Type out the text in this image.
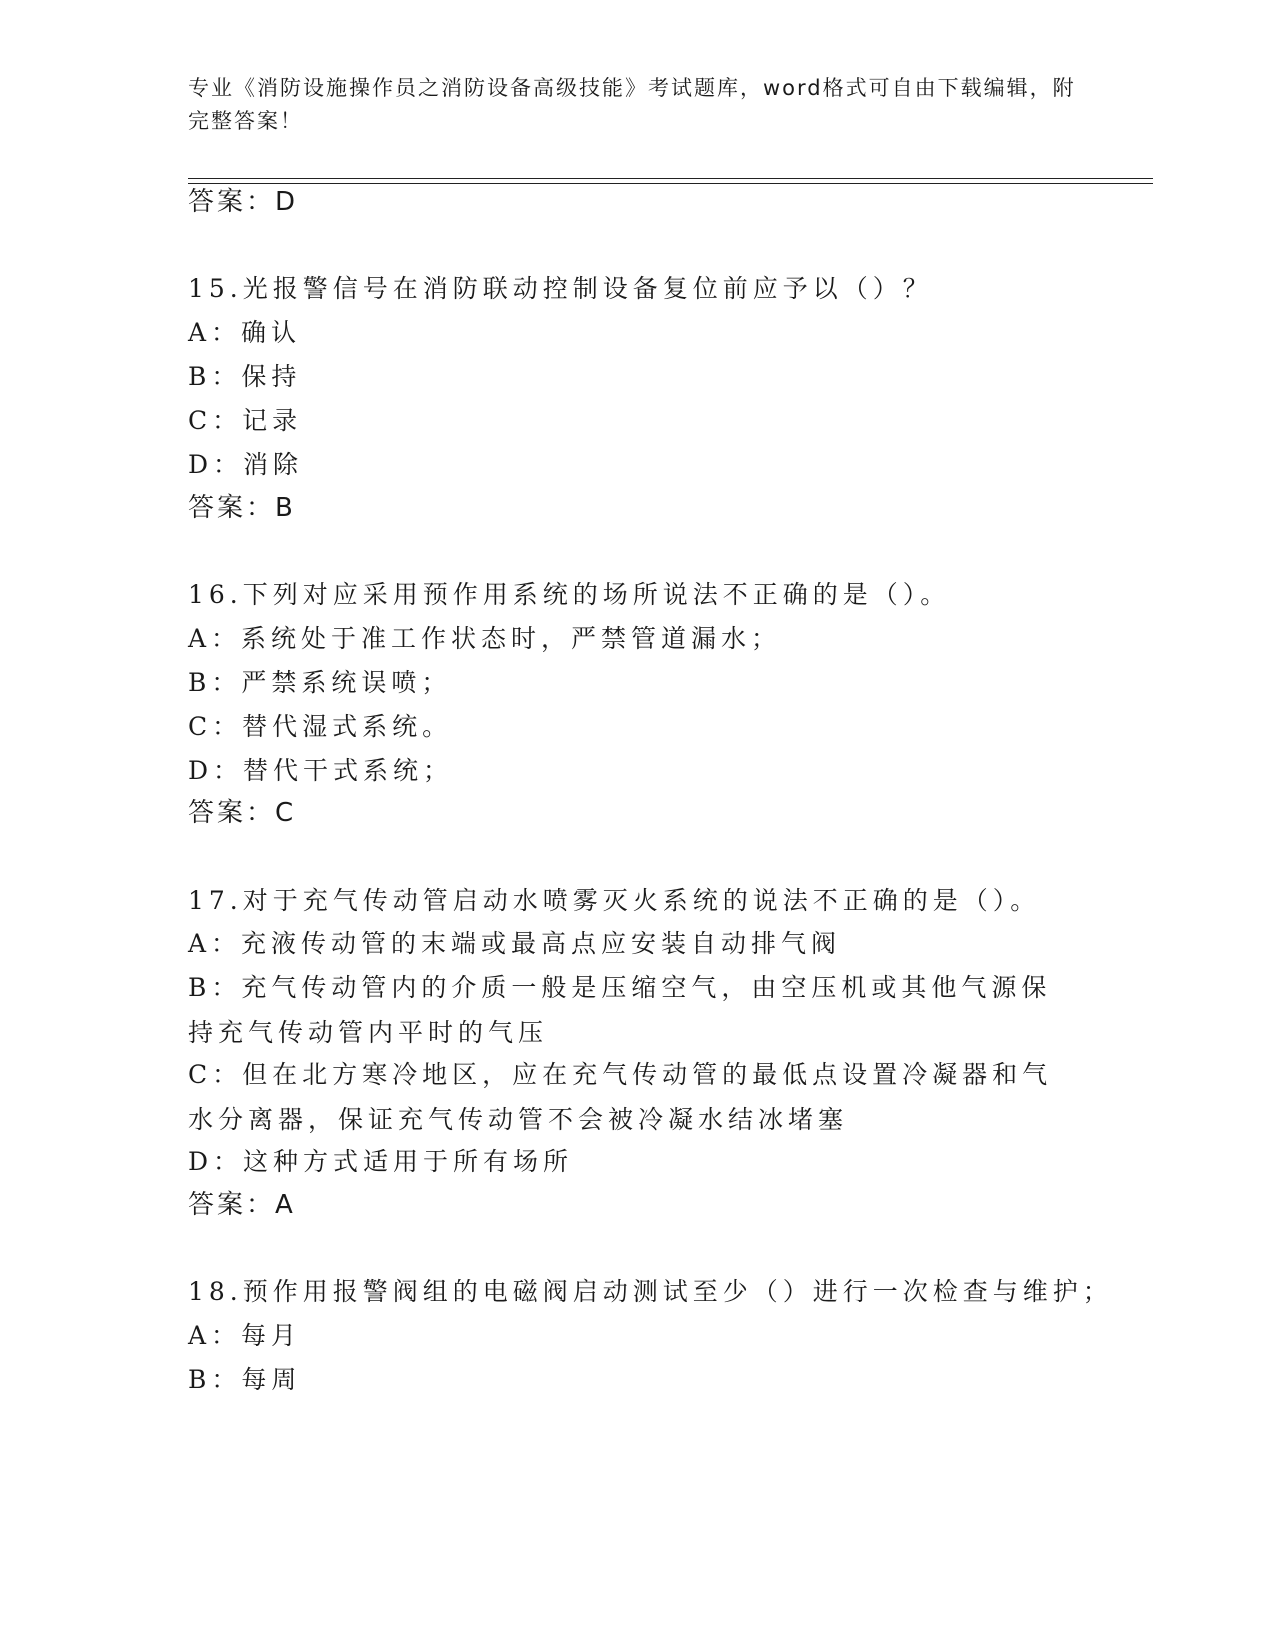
专业《消防设施操作员之消防设备高级技能》考试题库，word格式可自由下载编辑，附完整答案！
答案：D
15.光报警信号在消防联动控制设备复位前应予以（）？
A：确认
B：保持
C：记录
D：消除
答案：B
16.下列对应采用预作用系统的场所说法不正确的是（）。
A：系统处于准工作状态时，严禁管道漏水；
B：严禁系统误喷；
C：替代湿式系统。
D：替代干式系统；
答案：C
17.对于充气传动管启动水喷雾灭火系统的说法不正确的是（）。
A：充液传动管的末端或最高点应安装自动排气阀
B：充气传动管内的介质一般是压缩空气，由空压机或其他气源保持充气传动管内平时的气压
C：但在北方寒冷地区，应在充气传动管的最低点设置冷凝器和气水分离器，保证充气传动管不会被冷凝水结冰堵塞
D：这种方式适用于所有场所
答案：A
18.预作用报警阀组的电磁阀启动测试至少（）进行一次检查与维护；
A：每月
B：每周
